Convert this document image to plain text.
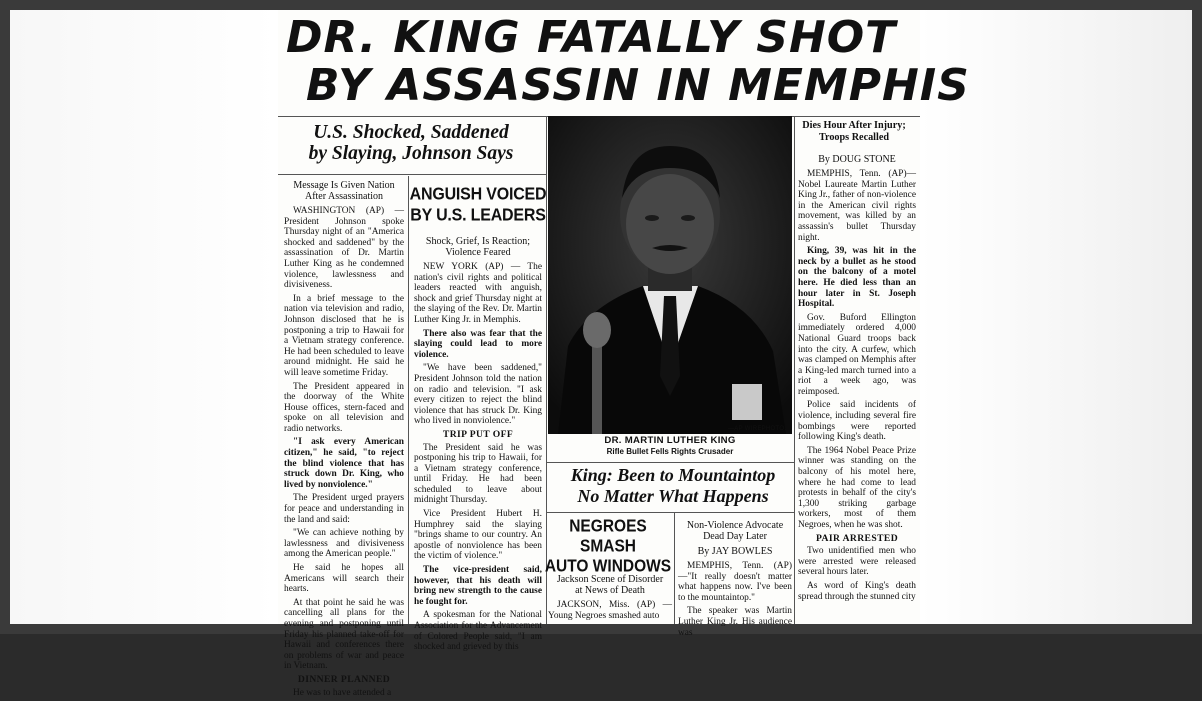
DR. KING FATALLY SHOT
BY ASSASSIN IN MEMPHIS
U.S. Shocked, Saddened
by Slaying, Johnson Says
Message Is Given Nation
After Assassination

WASHINGTON (AP) — President Johnson spoke Thursday night of an "America shocked and saddened" by the assassination of Dr. Martin Luther King as he condemned violence, lawlessness and divisiveness.

In a brief message to the nation via television and radio, Johnson disclosed that he is postponing a trip to Hawaii for a Vietnam strategy conference. He had been scheduled to leave around midnight. He said he will leave sometime Friday.

The President appeared in the doorway of the White House offices, stern-faced and spoke on all television and radio networks.

"I ask every American citizen," he said, "to reject the blind violence that has struck down Dr. King, who lived by nonviolence."

The President urged prayers for peace and understanding in the land and said:

"We can achieve nothing by lawlessness and divisiveness among the American people."

He said he hopes all Americans will search their hearts.

At that point he said he was cancelling all plans for the evening and postponing until Friday his planned take-off for Hawaii and conferences there on problems of war and peace in Vietnam.

DINNER PLANNED

He was to have attended a

ANGUISH VOICED
BY U.S. LEADERS
Shock, Grief, Is Reaction;
Violence Feared

NEW YORK (AP) — The nation's civil rights and political leaders reacted with anguish, shock and grief Thursday night at the slaying of the Rev. Dr. Martin Luther King Jr. in Memphis.

There also was fear that the slaying could lead to more violence.

"We have been saddened," President Johnson told the nation on radio and television. "I ask every citizen to reject the blind violence that has struck Dr. King who lived in nonviolence."

TRIP PUT OFF

The President said he was postponing his trip to Hawaii, for a Vietnam strategy conference, until Friday. He had been scheduled to leave about midnight Thursday.

Vice President Hubert H. Humphrey said the slaying "brings shame to our country. An apostle of nonviolence has been the victim of violence."

The vice-president said, however, that his death will bring new strength to the cause he fought for.

A spokesman for the National Association for the Advancement of Colored People said, "I am shocked and grieved by this

—AP WIREPHOTO.
DR. MARTIN LUTHER KING
Rifle Bullet Fells Rights Crusader
King: Been to Mountaintop
No Matter What Happens
NEGROES SMASH
AUTO WINDOWS
Jackson Scene of Disorder
at News of Death

JACKSON, Miss. (AP) — Young Negroes smashed auto

Non-Violence Advocate
Dead Day Later
By JAY BOWLES

MEMPHIS, Tenn. (AP)—"It really doesn't matter what happens now. I've been to the mountaintop."

The speaker was Martin Luther King Jr. His audience was

Dies Hour After Injury;
Troops Recalled
By DOUG STONE

MEMPHIS, Tenn. (AP)— Nobel Laureate Martin Luther King Jr., father of non-violence in the American civil rights movement, was killed by an assassin's bullet Thursday night.

King, 39, was hit in the neck by a bullet as he stood on the balcony of a motel here. He died less than an hour later in St. Joseph Hospital.

Gov. Buford Ellington immediately ordered 4,000 National Guard troops back into the city. A curfew, which was clamped on Memphis after a King-led march turned into a riot a week ago, was reimposed.

Police said incidents of violence, including several fire bombings were reported following King's death.

The 1964 Nobel Peace Prize winner was standing on the balcony of his motel here, where he had come to lead protests in behalf of the city's 1,300 striking garbage workers, most of them Negroes, when he was shot.

PAIR ARRESTED

Two unidentified men who were arrested were released several hours later.

As word of King's death spread through the stunned city
